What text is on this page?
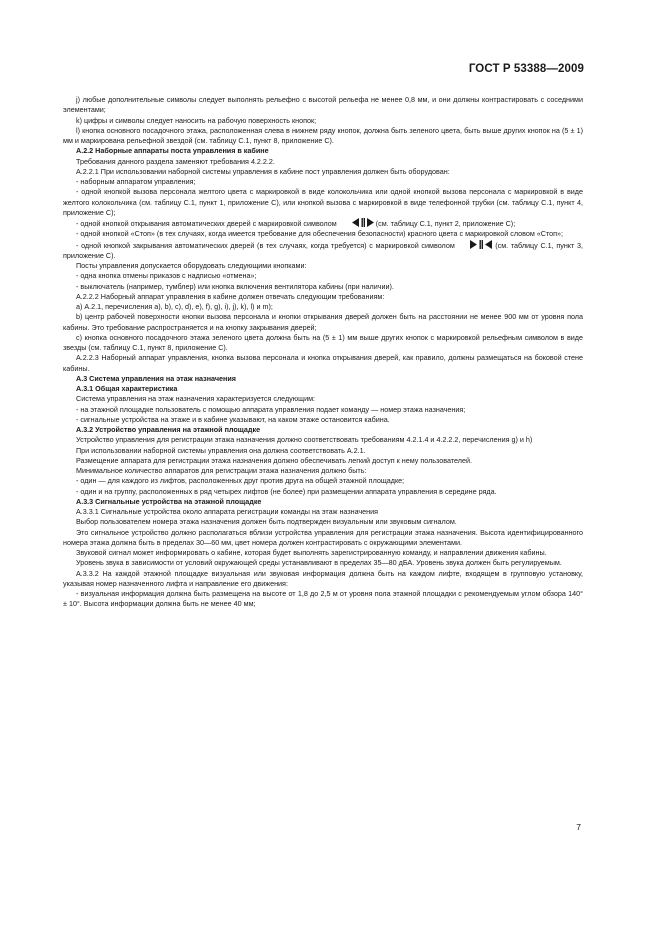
ГОСТ Р 53388—2009

j) любые дополнительные символы следует выполнять рельефно с высотой рельефа не менее 0,8 мм, и они должны контрастировать с соседними элементами;

k) цифры и символы следует наносить на рабочую поверхность кнопок;

l) кнопка основного посадочного этажа, расположенная слева в нижнем ряду кнопок, должна быть зеленого цвета, быть выше других кнопок на (5 ± 1) мм и маркирована рельефной звездой (см. таблицу С.1, пункт 8, приложение С).

А.2.2 Наборные аппараты поста управления в кабине

Требования данного раздела заменяют требования 4.2.2.2.

А.2.2.1 При использовании наборной системы управления в кабине пост управления должен быть оборудован:

- наборным аппаратом управления;

- одной кнопкой вызова персонала желтого цвета с маркировкой в виде колокольчика или одной кнопкой вызова персонала с маркировкой в виде желтого колокольчика (см. таблицу С.1, пункт 1, приложение С), или кнопкой вызова с маркировкой в виде телефонной трубки (см. таблицу С.1, пункт 4, приложение С);

- одной кнопкой открывания автоматических дверей с маркировкой символом	(см. таблицу С.1, пункт 2, приложение С);

- одной кнопкой «Стоп» (в тех случаях, когда имеется требование для обеспечения безопасности) красного цвета с маркировкой словом «Стоп»;

- одной кнопкой закрывания автоматических дверей (в тех случаях, когда требуется) с маркировкой символом	(см. таблицу С.1, пункт 3, приложение С).

Посты управления допускается оборудовать следующими кнопками:

- одна кнопка отмены приказов с надписью «отмена»;

- выключатель (например, тумблер) или кнопка включения вентилятора кабины (при наличии).

А.2.2.2 Наборный аппарат управления в кабине должен отвечать следующим требованиям:

a) А.2.1, перечисления а), b), с), d), е), f), g), i), j), k), l) и m);

b) центр рабочей поверхности кнопки вызова персонала и кнопки открывания дверей должен быть на расстоянии не менее 900 мм от уровня пола кабины. Это требование распространяется и на кнопку закрывания дверей;

с) кнопка основного посадочного этажа зеленого цвета должна быть на (5 ± 1) мм выше других кнопок с маркировкой рельефным символом в виде звезды (см. таблицу С.1, пункт 8, приложение С).

А.2.2.3 Наборный аппарат управления, кнопка вызова персонала и кнопка открывания дверей, как правило, должны размещаться на боковой стене кабины.

А.3 Система управления на этаж назначения

А.3.1 Общая характеристика

Система управления на этаж назначения характеризуется следующим:

- на этажной площадке пользователь с помощью аппарата управления подает команду — номер этажа назначения;

- сигнальные устройства на этаже и в кабине указывают, на каком этаже остановится кабина.

А.3.2 Устройство управления на этажной площадке

Устройство управления для регистрации этажа назначения должно соответствовать требованиям 4.2.1.4 и 4.2.2.2, перечисления g) и h)

При использовании наборной системы управления она должна соответствовать А.2.1.

Размещение аппарата для регистрации этажа назначения должно обеспечивать легкий доступ к нему пользователей.

Минимальное количество аппаратов для регистрации этажа назначения должно быть:

- один — для каждого из лифтов, расположенных друг против друга на общей этажной площадке;

- один и на группу, расположенных в ряд четырех лифтов (не более) при размещении аппарата управления в середине ряда.

А.3.3 Сигнальные устройства на этажной площадке

А.3.3.1 Сигнальные устройства около аппарата регистрации команды на этаж назначения

Выбор пользователем номера этажа назначения должен быть подтвержден визуальным или звуковым сигналом.

Это сигнальное устройство должно располагаться вблизи устройства управления для регистрации этажа назначения. Высота идентифицированного номера этажа должна быть в пределах 30—60 мм, цвет номера должен контрастировать с окружающими элементами.

Звуковой сигнал может информировать о кабине, которая будет выполнять зарегистрированную команду, и направлении движения кабины.

Уровень звука в зависимости от условий окружающей среды устанавливают в пределах 35—80 дБА. Уровень звука должен быть регулируемым.

А.3.3.2 На каждой этажной площадке визуальная или звуковая информация должна быть на каждом лифте, входящем в групповую установку, указывая номер назначенного лифта и направление его движения:

- визуальная информация должна быть размещена на высоте от 1,8 до 2,5 м от уровня пола этажной площадки с рекомендуемым углом обзора 140° ± 10°. Высота информации должна быть не менее 40 мм;

7
